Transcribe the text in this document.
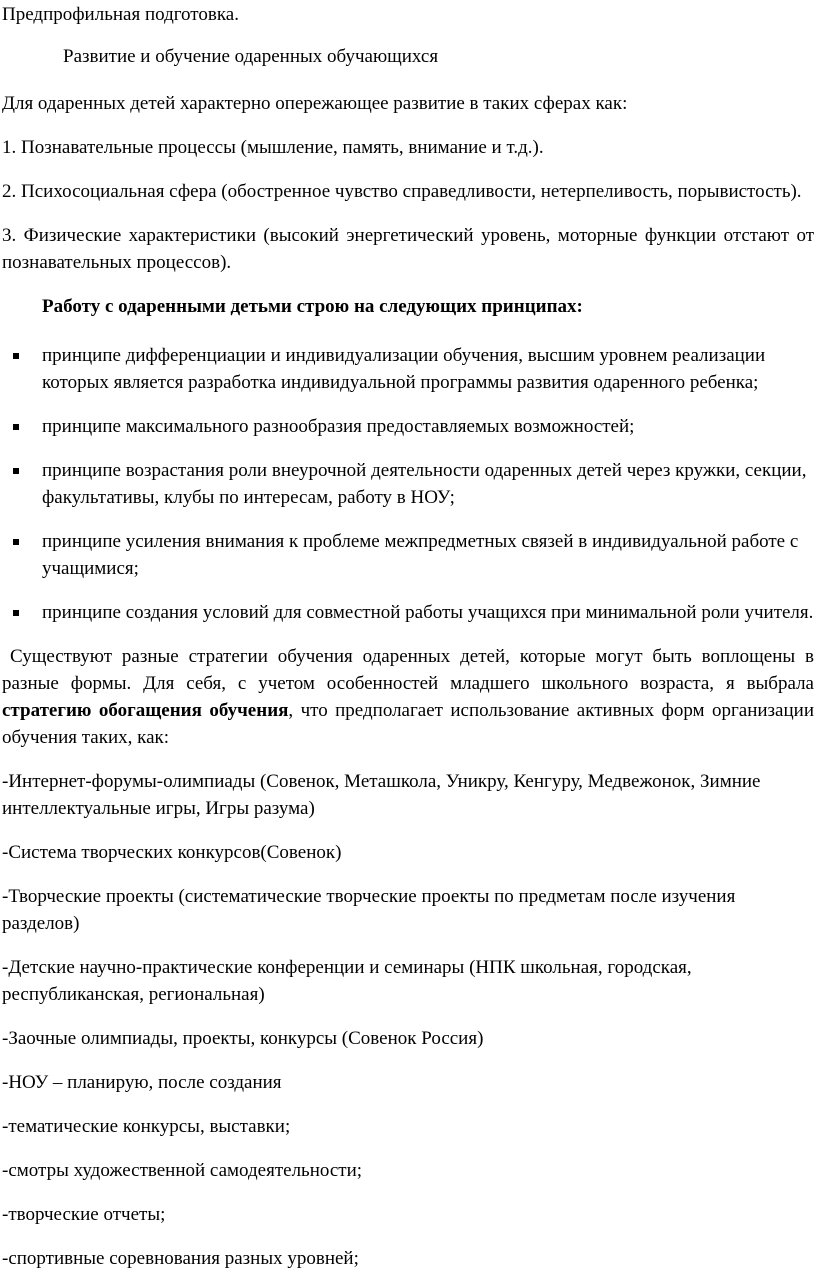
Предпрофильная подготовка.

Развитие и обучение одаренных обучающихся

Для одаренных детей характерно опережающее развитие в таких сферах как:

1. Познавательные процессы (мышление, память, внимание и т.д.).

2. Психосоциальная сфера (обостренное чувство справедливости, нетерпеливость, порывистость).

3. Физические характеристики (высокий энергетический уровень, моторные функции отстают от познавательных процессов).

Работу с одаренными детьми строю на следующих принципах:

принципе дифференциации и индивидуализации обучения, высшим уровнем реализации которых является разработка индивидуальной программы развития одаренного ребенка;
принципе максимального разнообразия предоставляемых возможностей;
принципе возрастания роли внеурочной деятельности одаренных детей через кружки, секции, факультативы, клубы по интересам, работу в НОУ;
принципе усиления внимания к проблеме межпредметных связей в индивидуальной работе с учащимися;
принципе создания условий для совместной работы учащихся при минимальной роли учителя.

Существуют разные стратегии обучения одаренных детей, которые могут быть воплощены в разные формы. Для себя, с учетом особенностей младшего школьного возраста, я выбрала стратегию обогащения обучения, что предполагает использование активных форм организации обучения таких, как:

-Интернет-форумы-олимпиады (Совенок, Меташкола, Уникру, Кенгуру, Медвежонок, Зимние интеллектуальные игры, Игры разума)

-Система творческих конкурсов(Совенок)

-Творческие проекты (систематические творческие проекты по предметам после изучения разделов)

-Детские научно-практические конференции и семинары (НПК школьная, городская, республиканская, региональная)

-Заочные олимпиады, проекты, конкурсы (Совенок Россия)

-НОУ – планирую, после создания

-тематические конкурсы, выставки;

-смотры художественной самодеятельности;

-творческие отчеты;

-спортивные соревнования разных уровней;
